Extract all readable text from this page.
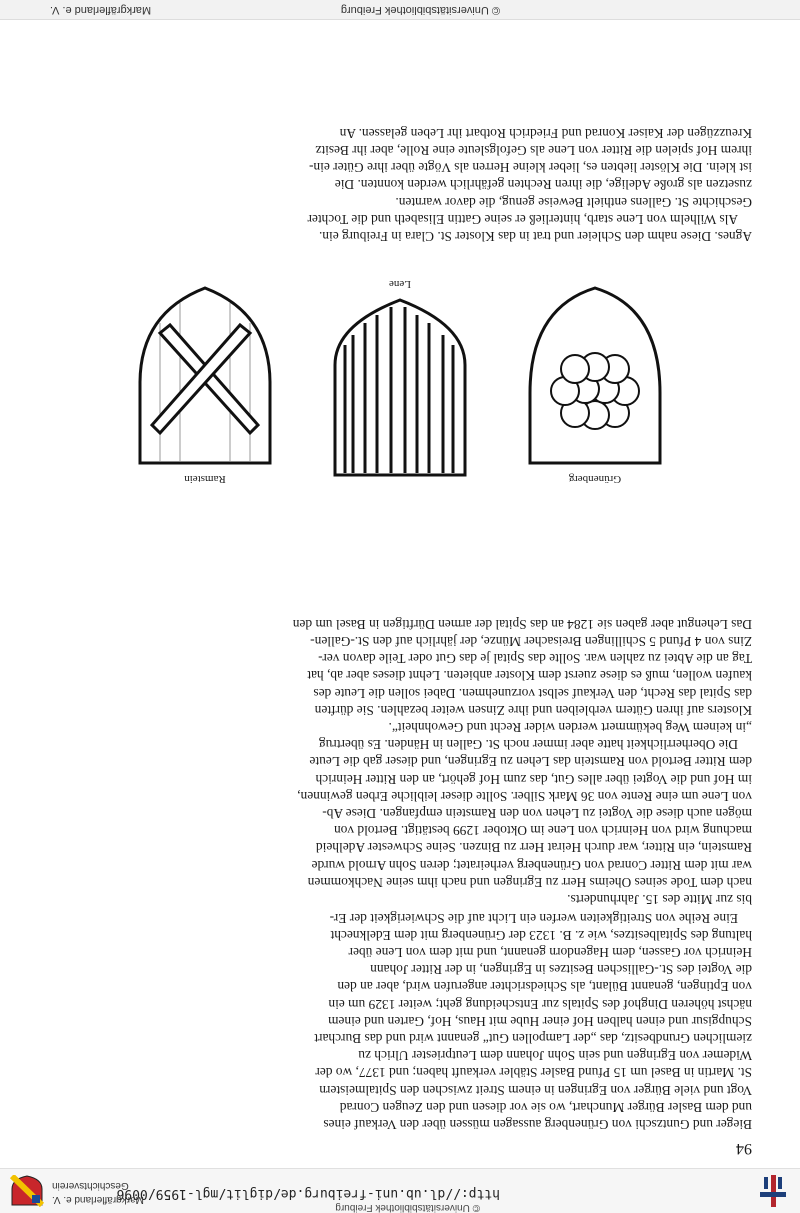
http://dl.ub.uni-freiburg.de/diglit/mgl-1959/0096
© Universitätsbibliothek Freiburg
Markgräflerland e. V.
Geschichtsverein
94

Bieger und Guntzschi von Grünenberg aussagen müssen über den Verkauf eines

und dem Basler Bürger Munchart, wo sie vor diesen und den Zeugen Conrad

Vogt und viele Bürger von Egringen in einem Streit zwischen den Spitalmeistern

St. Martin in Basel um 15 Pfund Basler Stäbler verkauft haben; und 1377, wo der

Widemer von Egringen und sein Sohn Johann dem Leutpriester Ulrich zu

ziemlichen Grundbesitz, das „der Lampollen Gut“ genannt wird und das Burchart

Schupgisur und einen halben Hof einer Hube mit Haus, Hof, Garten und einem

nächst höheren Dinghof des Spitals zur Entscheidung geht; weiter 1329 um ein

von Eptingen, genannt Bülant, als Schiedsrichter angerufen wird, aber an den

die Vogtei des St.-Gallischen Besitzes in Egringen, in der Ritter Johann

Heinrich vor Gassen, dem Hagendorn genannt, und mit dem von Lene über

haltung des Spitalbesitzes, wie z. B. 1323 der Grünenberg mit dem Edelknecht

Eine Reihe von Streitigkeiten werfen ein Licht auf die Schwierigkeit der Er-

bis zur Mitte des 15. Jahrhunderts.

nach dem Tode seines Oheims Herr zu Egringen und nach ihm seine Nachkommen

war mit dem Ritter Conrad von Grünenberg verheiratet; deren Sohn Arnold wurde

Ramstein, ein Ritter, war durch Heirat Herr zu Binzen. Seine Schwester Adelheid

machung wird von Heinrich von Lene im Oktober 1299 bestätigt. Bertold von

mögen auch diese die Vogtei zu Lehen von den Ramstein empfangen. Diese Ab-

von Lene um eine Rente von 36 Mark Silber. Sollte dieser leibliche Erben gewinnen,

im Hof und die Vogtei über alles Gut, das zum Hof gehört, an den Ritter Heinrich

dem Ritter Bertold von Ramstein das Lehen zu Egringen, und dieser gab die Leute

Die Oberherrlichkeit hatte aber immer noch St. Gallen in Händen. Es übertrug

„in keinem Weg bekümmert werden wider Recht und Gewohnheit“.

Klosters auf ihren Gütern verbleiben und ihre Zinsen weiter bezahlen. Sie dürften

das Spital das Recht, den Verkauf selbst vorzunehmen. Dabei sollen die Leute des

kaufen wollen, muß es diese zuerst dem Kloster anbieten. Lehnt dieses aber ab, hat

Tag an die Abtei zu zahlen war. Sollte das Spital je das Gut oder Teile davon ver-

Zins von 4 Pfund 5 Schillingen Breisacher Münze, der jährlich auf den St.-Gallen-

Das Lehengut aber gaben sie 1284 an das Spital der armen Dürftigen in Basel um den

Grünenberg
Lene
Ramstein

Agnes. Diese nahm den Schleier und trat in das Kloster St. Clara in Freiburg ein.

Als Wilhelm von Lene starb, hinterließ er seine Gattin Elisabeth und die Tochter

Geschichte St. Gallens enthielt Beweise genug, die davor warnten.

zusetzen als große Adelige, die ihren Rechten gefährlich werden konnten. Die

ist klein. Die Klöster liebten es, lieber kleine Herren als Vögte über ihre Güter ein-

ihrem Hof spielen die Ritter von Lene als Gefolgsleute eine Rolle, aber ihr Besitz

Kreuzzügen der Kaiser Konrad und Friedrich Rotbart ihr Leben gelassen. An

© Universitätsbibliothek Freiburg
Markgräflerland e. V.
